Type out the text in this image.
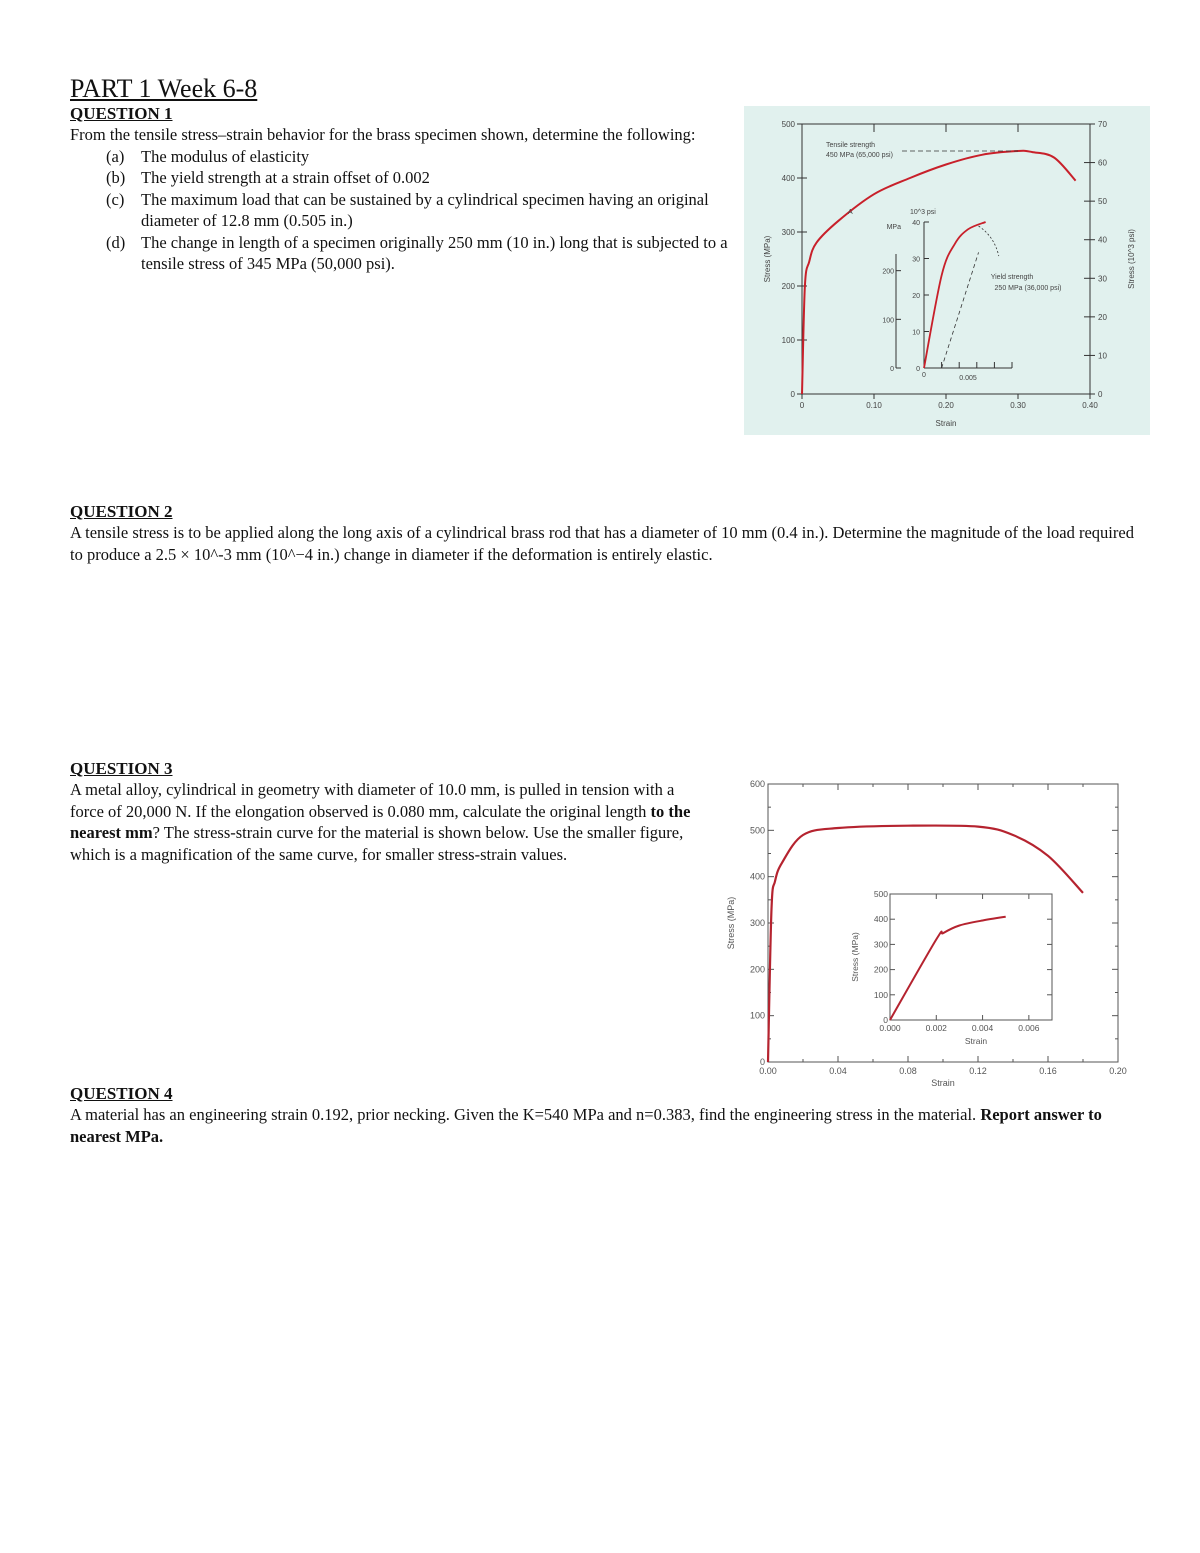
PART 1 Week 6-8
QUESTION 1
From the tensile stress–strain behavior for the brass specimen shown, determine the following:
(a) The modulus of elasticity
(b) The yield strength at a strain offset of 0.002
(c) The maximum load that can be sustained by a cylindrical specimen having an original diameter of 12.8 mm (0.505 in.)
(d) The change in length of a specimen originally 250 mm (10 in.) long that is subjected to a tensile stress of 345 MPa (50,000 psi).
0
100
200
300
400
500
0
10
20
30
40
50
60
70
0	0.10	0.20	0.30	0.40
Strain
Stress (MPa)	Stress (10^3 psi)
Tensile strength
450 MPa (65,000 psi)
A
0	0.005
0
10
20
30
40
0
100
200
MPa
10^3 psi
Yield strength
250 MPa (36,000 psi)
QUESTION 2
A tensile stress is to be applied along the long axis of a cylindrical brass rod that has a diameter of 10 mm (0.4 in.). Determine the magnitude of the load required to produce a 2.5 × 10^-3 mm (10^−4 in.) change in diameter if the deformation is entirely elastic.
QUESTION 3
A metal alloy, cylindrical in geometry with diameter of 10.0 mm, is pulled in tension with a force of 20,000 N. If the elongation observed is 0.080 mm, calculate the original length to the nearest mm? The stress-strain curve for the material is shown below. Use the smaller figure, which is a magnification of the same curve, for smaller stress-strain values.
0
100
200
300
400
500
600
0.00	0.04	0.08	0.12	0.16	0.20
Strain
Stress (MPa)
0
100
200
300
400
500
0.000	0.002	0.004	0.006
Strain
Stress (MPa)
QUESTION 4
A material has an engineering strain 0.192, prior necking. Given the K=540 MPa and n=0.383, find the engineering stress in the material. Report answer to nearest MPa.
